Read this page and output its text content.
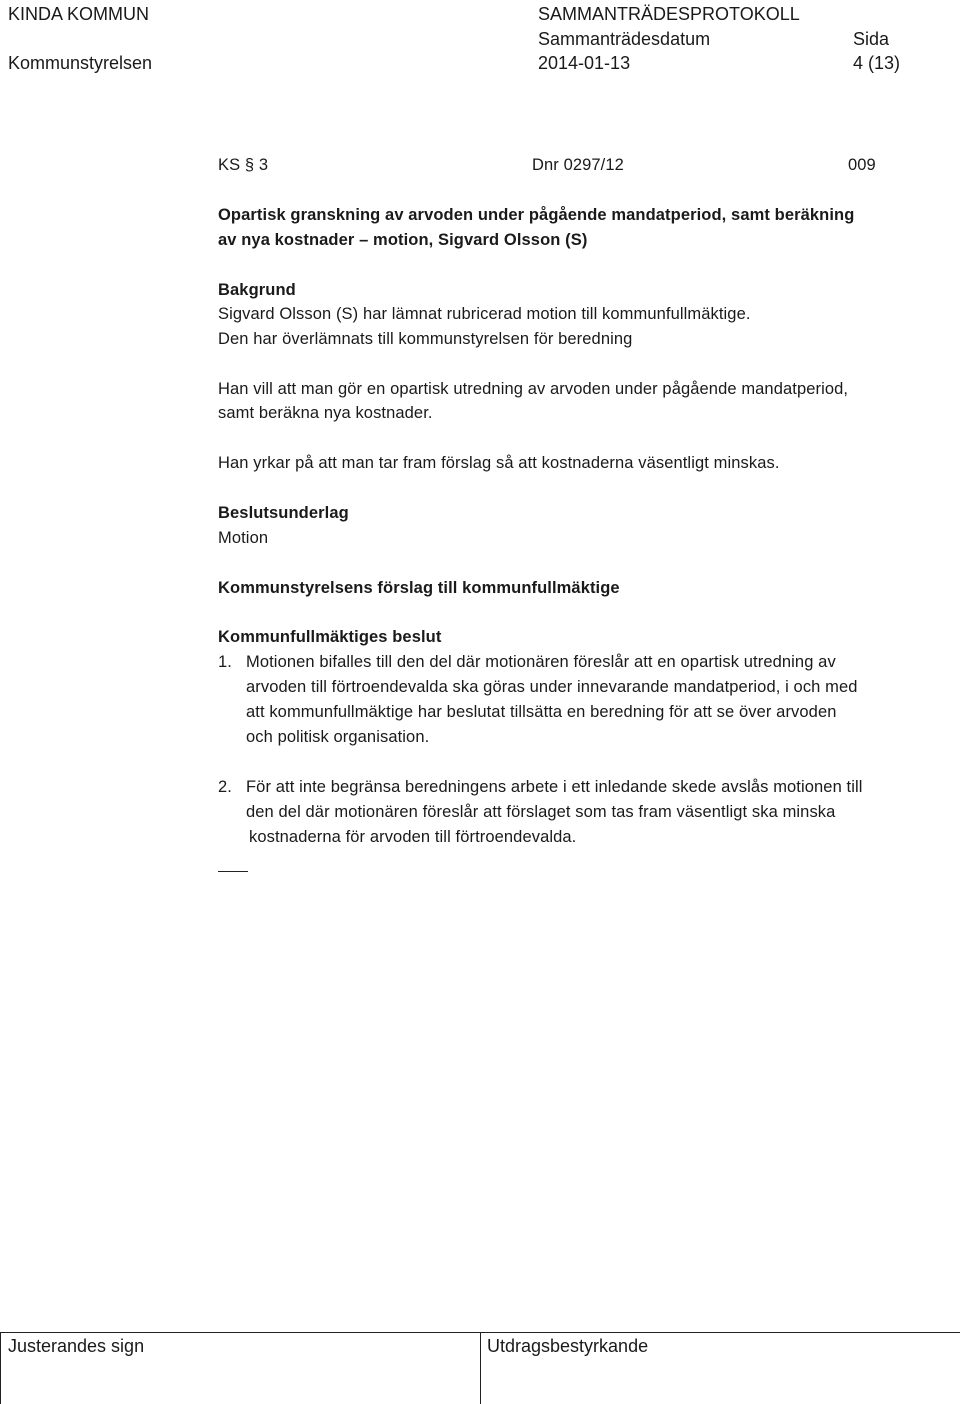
KINDA KOMMUN	SAMMANTRÄDESPROTOKOLL
Sammanträdesdatum	Sida
Kommunstyrelsen	2014-01-13	4 (13)
KS § 3	Dnr 0297/12	009
Opartisk granskning av arvoden under pågående mandatperiod, samt beräkning
av nya kostnader – motion, Sigvard Olsson (S)
Bakgrund
Sigvard Olsson (S) har lämnat rubricerad motion till kommunfullmäktige.
Den har överlämnats till kommunstyrelsen för beredning
Han vill att man gör en opartisk utredning av arvoden under pågående mandatperiod,
samt beräkna nya kostnader.
Han yrkar på att man tar fram förslag så att kostnaderna väsentligt minskas.
Beslutsunderlag
Motion
Kommunstyrelsens förslag till kommunfullmäktige
Kommunfullmäktiges beslut
1. Motionen bifalles till den del där motionären föreslår att en opartisk utredning av
arvoden till förtroendevalda ska göras under innevarande mandatperiod, i och med
att kommunfullmäktige har beslutat tillsätta en beredning för att se över arvoden
och politisk organisation.
2. För att inte begränsa beredningens arbete i ett inledande skede avslås motionen till
den del där motionären föreslår att förslaget som tas fram väsentligt ska minska
kostnaderna för arvoden till förtroendevalda.
Justerandes sign	Utdragsbestyrkande
